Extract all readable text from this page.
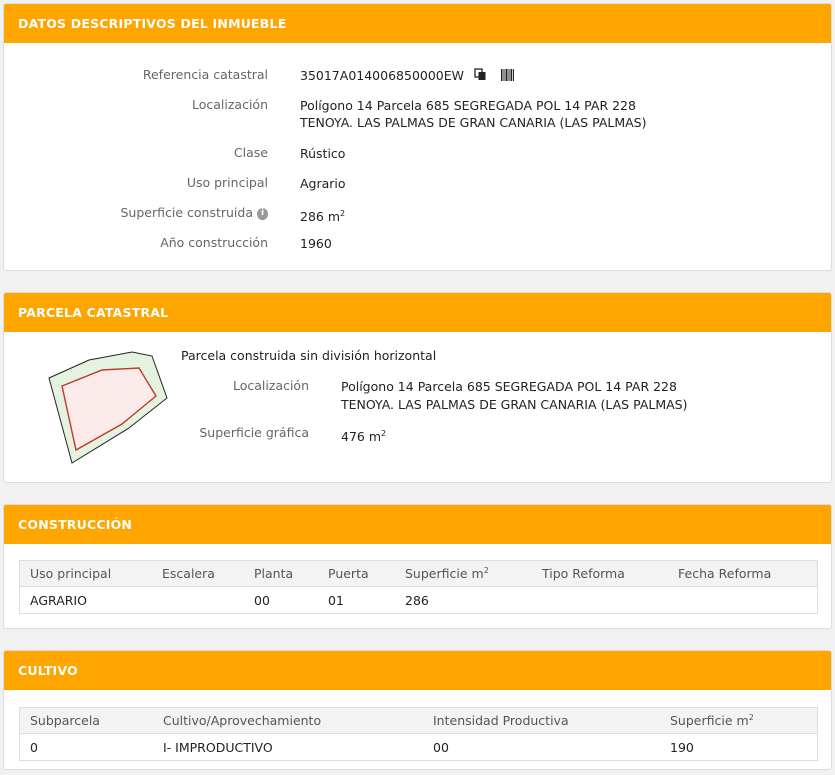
DATOS DESCRIPTIVOS DEL INMUEBLE
Referencia catastral	35017A014006850000EW
Localización	Polígono 14 Parcela 685 SEGREGADA POL 14 PAR 228
TENOYA. LAS PALMAS DE GRAN CANARIA (LAS PALMAS)
Clase	Rústico
Uso principal	Agrario
Superficie construida i	286 $m^2$
Año construcción	1960
PARCELA CATASTRAL
Parcela construida sin división horizontal
Localización	Polígono 14 Parcela 685 SEGREGADA POL 14 PAR 228
TENOYA. LAS PALMAS DE GRAN CANARIA (LAS PALMAS)
Superficie gráfica	476 $m^2$
CONSTRUCCIÓN
Uso principal	Escalera	Planta	Puerta	Superficie $m^2$	Tipo Reforma	Fecha Reforma
AGRARIO		00	01	286		
CULTIVO
Subparcela	Cultivo/Aprovechamiento	Intensidad Productiva	Superficie $m^2$
0	I- IMPRODUCTIVO	00	190
